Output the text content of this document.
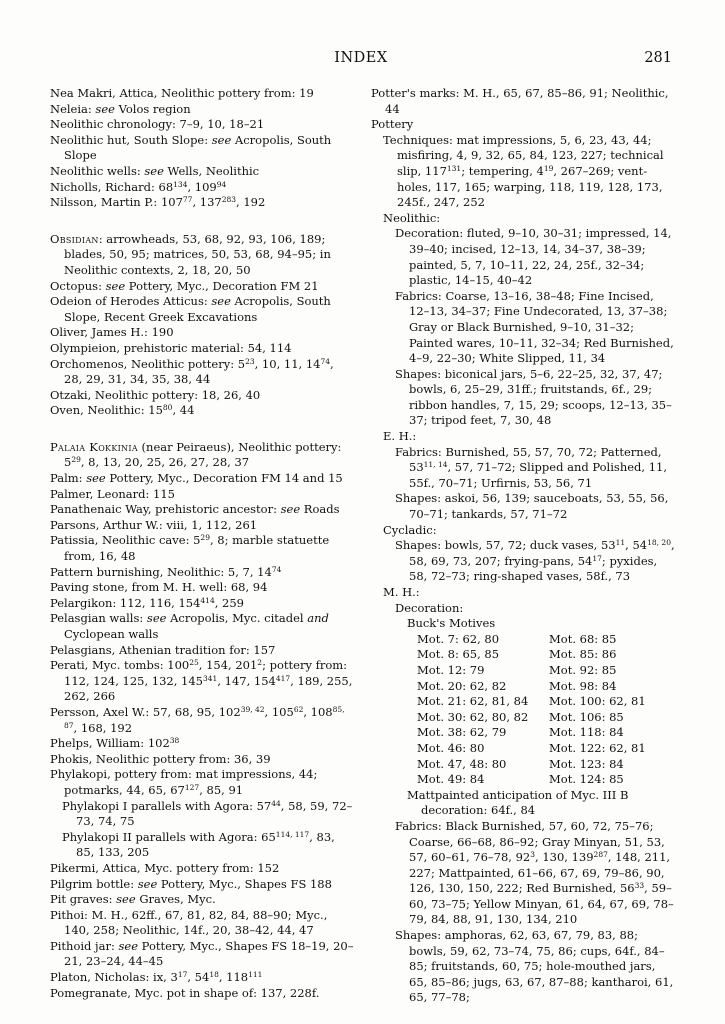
INDEX	281
Nea Makri, Attica, Neolithic pottery from: 19
Neleia: see Volos region
Neolithic chronology: 7–9, 10, 18–21
Neolithic hut, South Slope: see Acropolis, South Slope
Neolithic wells: see Wells, Neolithic
Nicholls, Richard: $68^{134}$, $109^{94}$
Nilsson, Martin P.: $107^{77}$, $137^{283}$, 192
Obsidian: arrowheads, 53, 68, 92, 93, 106, 189; blades, 50, 95; matrices, 50, 53, 68, 94–95; in Neolithic contexts, 2, 18, 20, 50
Octopus: see Pottery, Myc., Decoration FM 21
Odeion of Herodes Atticus: see Acropolis, South Slope, Recent Greek Excavations
Oliver, James H.: 190
Olympieion, prehistoric material: 54, 114
Orchomenos, Neolithic pottery: $5^{23}$, 10, 11, $14^{74}$, 28, 29, 31, 34, 35, 38, 44
Otzaki, Neolithic pottery: 18, 26, 40
Oven, Neolithic: $15^{80}$, 44
Palaia Kokkinia (near Peiraeus), Neolithic pottery: $5^{29}$, 8, 13, 20, 25, 26, 27, 28, 37
Palm: see Pottery, Myc., Decoration FM 14 and 15
Palmer, Leonard: 115
Panathenaic Way, prehistoric ancestor: see Roads
Parsons, Arthur W.: viii, 1, 112, 261
Patissia, Neolithic cave: $5^{29}$, 8; marble statuette from, 16, 48
Pattern burnishing, Neolithic: 5, 7, $14^{74}$
Paving stone, from M. H. well: 68, 94
Pelargikon: 112, 116, $154^{414}$, 259
Pelasgian walls: see Acropolis, Myc. citadel and Cyclopean walls
Pelasgians, Athenian tradition for: 157
Perati, Myc. tombs: $100^{25}$, 154, $201^2$; pottery from: 112, 124, 125, 132, $145^{341}$, 147, $154^{417}$, 189, 255, 262, 266
Persson, Axel W.: 57, 68, 95, 102$^{39, 42}$, $105^{62}$, 108$^{85, 87}$, 168, 192
Phelps, William: $102^{38}$
Phokis, Neolithic pottery from: 36, 39
Phylakopi, pottery from: mat impressions, 44; potmarks, 44, 65, $67^{127}$, 85, 91
Phylakopi I parallels with Agora: $57^{44}$, 58, 59, 72–73, 74, 75
Phylakopi II parallels with Agora: 65$^{114, 117}$, 83, 85, 133, 205
Pikermi, Attica, Myc. pottery from: 152
Pilgrim bottle: see Pottery, Myc., Shapes FS 188
Pit graves: see Graves, Myc.
Pithoi: M. H., 62ff., 67, 81, 82, 84, 88–90; Myc., 140, 258; Neolithic, 14f., 20, 38–42, 44, 47
Pithoid jar: see Pottery, Myc., Shapes FS 18–19, 20–21, 23–24, 44–45
Platon, Nicholas: ix, $3^{17}$, $54^{18}$, $118^{111}$
Pomegranate, Myc. pot in shape of: 137, 228f.
Potter's marks: M. H., 65, 67, 85–86, 91; Neolithic, 44
Pottery
Techniques: mat impressions, 5, 6, 23, 43, 44; misfiring, 4, 9, 32, 65, 84, 123, 227; technical slip, $117^{131}$; tempering, $4^{19}$, 267–269; vent-holes, 117, 165; warping, 118, 119, 128, 173, 245f., 247, 252
Neolithic:
Decoration: fluted, 9–10, 30–31; impressed, 14, 39–40; incised, 12–13, 14, 34–37, 38–39; painted, 5, 7, 10–11, 22, 24, 25f., 32–34; plastic, 14–15, 40–42
Fabrics: Coarse, 13–16, 38–48; Fine Incised, 12–13, 34–37; Fine Undecorated, 13, 37–38; Gray or Black Burnished, 9–10, 31–32; Painted wares, 10–11, 32–34; Red Burnished, 4–9, 22–30; White Slipped, 11, 34
Shapes: biconical jars, 5–6, 22–25, 32, 37, 47; bowls, 6, 25–29, 31ff.; fruitstands, 6f., 29; ribbon handles, 7, 15, 29; scoops, 12–13, 35–37; tripod feet, 7, 30, 48
E. H.:
Fabrics: Burnished, 55, 57, 70, 72; Patterned, 53$^{11, 14}$, 57, 71–72; Slipped and Polished, 11, 55f., 70–71; Urfirnis, 53, 56, 71
Shapes: askoi, 56, 139; sauceboats, 53, 55, 56, 70–71; tankards, 57, 71–72
Cycladic:
Shapes: bowls, 57, 72; duck vases, $53^{11}$, 54$^{18, 20}$, 58, 69, 73, 207; frying-pans, $54^{17}$; pyxides, 58, 72–73; ring-shaped vases, 58f., 73
M. H.:
Decoration:
Buck's Motives
Mot. 7: 62, 80	Mot. 68: 85
Mot. 8: 65, 85	Mot. 85: 86
Mot. 12: 79	Mot. 92: 85
Mot. 20: 62, 82	Mot. 98: 84
Mot. 21: 62, 81, 84	Mot. 100: 62, 81
Mot. 30: 62, 80, 82	Mot. 106: 85
Mot. 38: 62, 79	Mot. 118: 84
Mot. 46: 80	Mot. 122: 62, 81
Mot. 47, 48: 80	Mot. 123: 84
Mot. 49: 84	Mot. 124: 85
Mattpainted anticipation of Myc. III B decoration: 64f., 84
Fabrics: Black Burnished, 57, 60, 72, 75–76; Coarse, 66–68, 86–92; Gray Minyan, 51, 53, 57, 60–61, 76–78, $92^3$, 130, $139^{287}$, 148, 211, 227; Mattpainted, 61–66, 67, 69, 79–86, 90, 126, 130, 150, 222; Red Burnished, $56^{33}$, 59–60, 73–75; Yellow Minyan, 61, 64, 67, 69, 78–79, 84, 88, 91, 130, 134, 210
Shapes: amphoras, 62, 63, 67, 79, 83, 88; bowls, 59, 62, 73–74, 75, 86; cups, 64f., 84–85; fruitstands, 60, 75; hole-mouthed jars, 65, 85–86; jugs, 63, 67, 87–88; kantharoi, 61, 65, 77–78;
